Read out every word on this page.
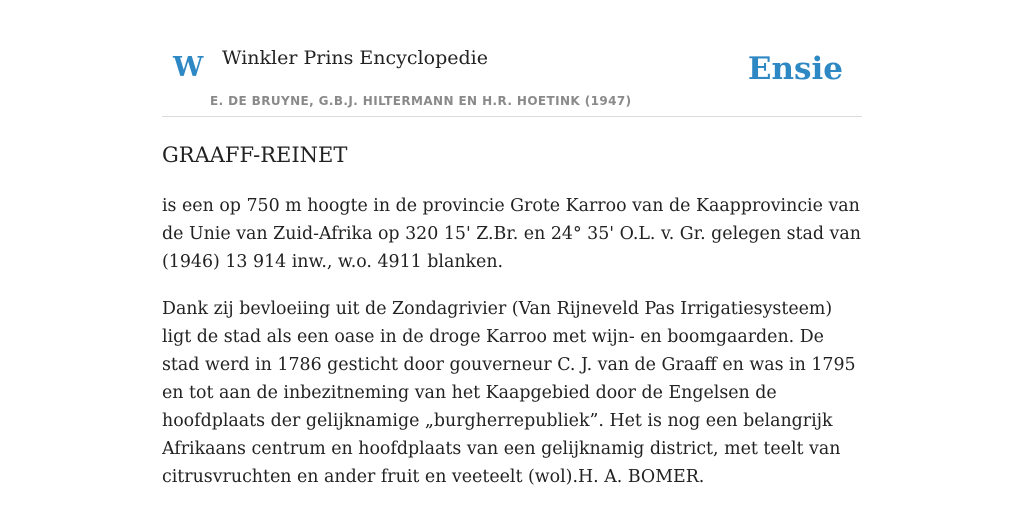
W Winkler Prins Encyclopedie
E. DE BRUYNE, G.B.J. HILTERMANN EN H.R. HOETINK (1947)
Ensie
GRAAFF-REINET

is een op 750 m hoogte in de provincie Grote Karroo van de Kaapprovincie van de Unie van Zuid-Afrika op 320 15' Z.Br. en 24° 35' O.L. v. Gr. gelegen stad van (1946) 13 914 inw., w.o. 4911 blanken.

Dank zij bevloeiing uit de Zondagrivier (Van Rijneveld Pas Irrigatiesysteem) ligt de stad als een oase in de droge Karroo met wijn- en boomgaarden. De stad werd in 1786 gesticht door gouverneur C. J. van de Graaff en was in 1795 en tot aan de inbezitneming van het Kaapgebied door de Engelsen de hoofdplaats der gelijknamige „burgherrepubliek”. Het is nog een belangrijk Afrikaans centrum en hoofdplaats van een gelijknamig district, met teelt van citrusvruchten en ander fruit en veeteelt (wol).H. A. BOMER.
